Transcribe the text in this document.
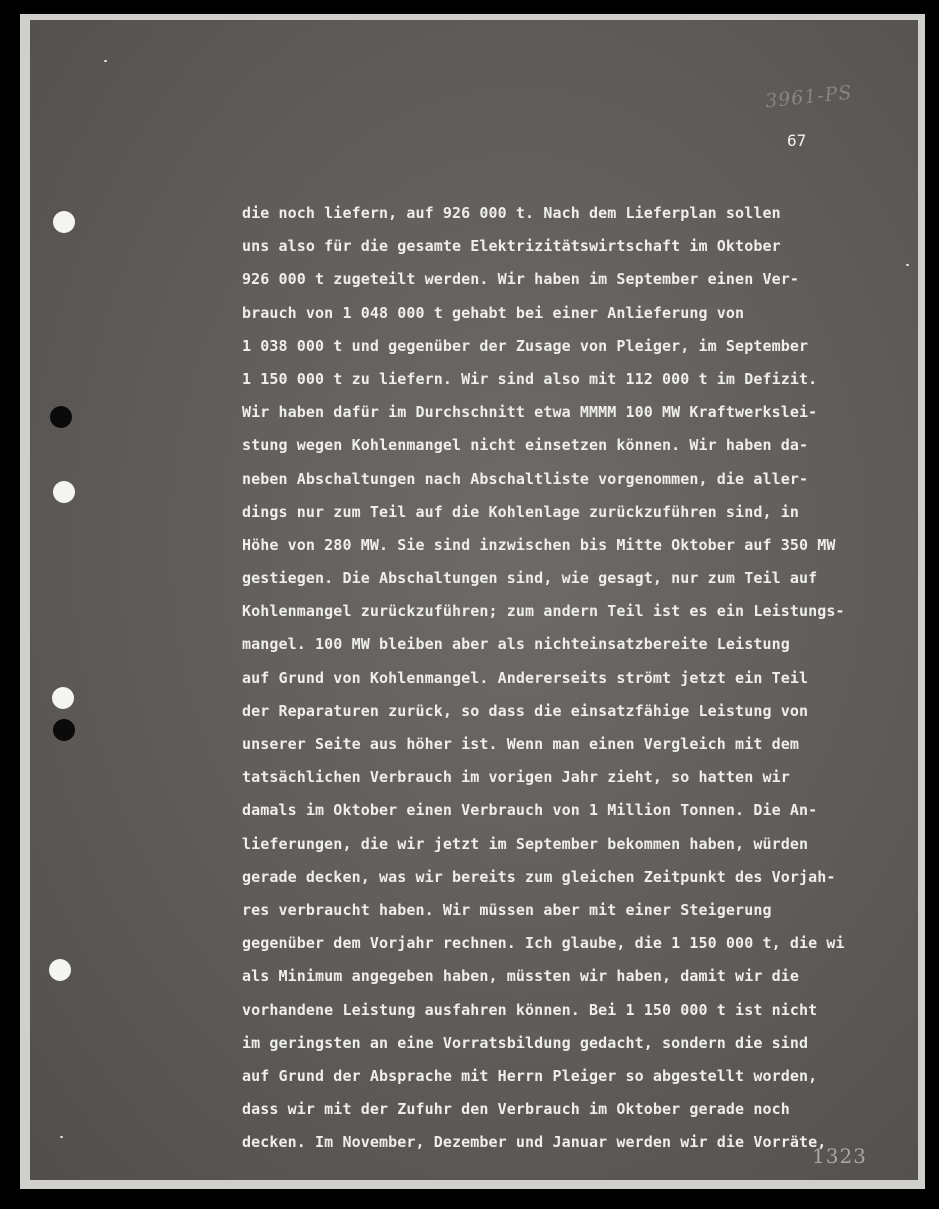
3961-PS
67
die noch liefern, auf 926 000 t. Nach dem Lieferplan sollen
uns also für die gesamte Elektrizitätswirtschaft im Oktober
926 000 t zugeteilt werden. Wir haben im September einen Ver-
brauch von 1 048 000 t gehabt bei einer Anlieferung von
1 038 000 t und gegenüber der Zusage von Pleiger, im September
1 150 000 t zu liefern. Wir sind also mit 112 000 t im Defizit.
Wir haben dafür im Durchschnitt etwa MMMM 100 MW Kraftwerkslei-
stung wegen Kohlenmangel nicht einsetzen können. Wir haben da-
neben Abschaltungen nach Abschaltliste vorgenommen, die aller-
dings nur zum Teil auf die Kohlenlage zurückzuführen sind, in
Höhe von 280 MW. Sie sind inzwischen bis Mitte Oktober auf 350 MW
gestiegen. Die Abschaltungen sind, wie gesagt, nur zum Teil auf
Kohlenmangel zurückzuführen; zum andern Teil ist es ein Leistungs-
mangel. 100 MW bleiben aber als nichteinsatzbereite Leistung
auf Grund von Kohlenmangel. Andererseits strömt jetzt ein Teil
der Reparaturen zurück, so dass die einsatzfähige Leistung von
unserer Seite aus höher ist. Wenn man einen Vergleich mit dem
tatsächlichen Verbrauch im vorigen Jahr zieht, so hatten wir
damals im Oktober einen Verbrauch von 1 Million Tonnen. Die An-
lieferungen, die wir jetzt im September bekommen haben, würden
gerade decken, was wir bereits zum gleichen Zeitpunkt des Vorjah-
res verbraucht haben. Wir müssen aber mit einer Steigerung
gegenüber dem Vorjahr rechnen. Ich glaube, die 1 150 000 t, die wi
als Minimum angegeben haben, müssten wir haben, damit wir die
vorhandene Leistung ausfahren können. Bei 1 150 000 t ist nicht
im geringsten an eine Vorratsbildung gedacht, sondern die sind
auf Grund der Absprache mit Herrn Pleiger so abgestellt worden,
dass wir mit der Zufuhr den Verbrauch im Oktober gerade noch
decken. Im November, Dezember und Januar werden wir die Vorräte,
1323
